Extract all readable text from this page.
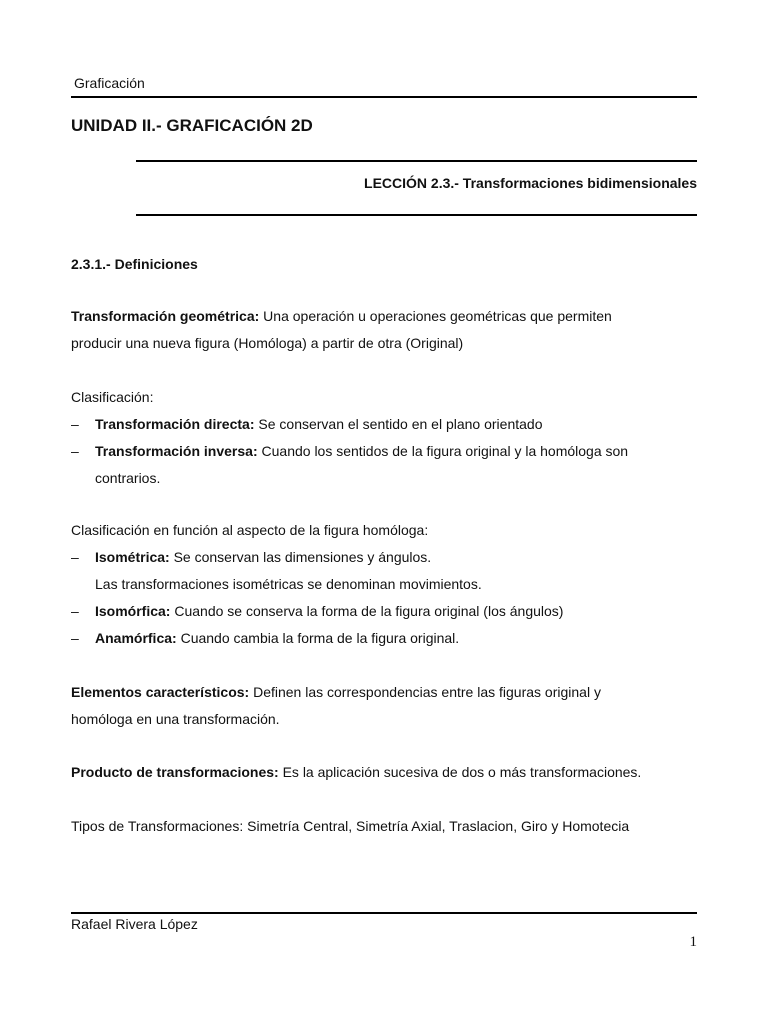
Graficación
UNIDAD II.- GRAFICACIÓN 2D
LECCIÓN 2.3.- Transformaciones bidimensionales
2.3.1.- Definiciones
Transformación geométrica: Una operación u operaciones geométricas que permiten
producir una nueva figura (Homóloga) a partir de otra (Original)
Clasificación:
– Transformación directa: Se conservan el sentido en el plano orientado
– Transformación inversa: Cuando los sentidos de la figura original y la homóloga son
contrarios.
Clasificación en función al aspecto de la figura homóloga:
– Isométrica: Se conservan las dimensiones y ángulos.
Las transformaciones isométricas se denominan movimientos.
– Isomórfica: Cuando se conserva la forma de la figura original (los ángulos)
– Anamórfica: Cuando cambia la forma de la figura original.
Elementos característicos: Definen las correspondencias entre las figuras original y
homóloga en una transformación.
Producto de transformaciones: Es la aplicación sucesiva de dos o más transformaciones.
Tipos de Transformaciones: Simetría Central, Simetría Axial, Traslacion, Giro y Homotecia
Rafael Rivera López
1
